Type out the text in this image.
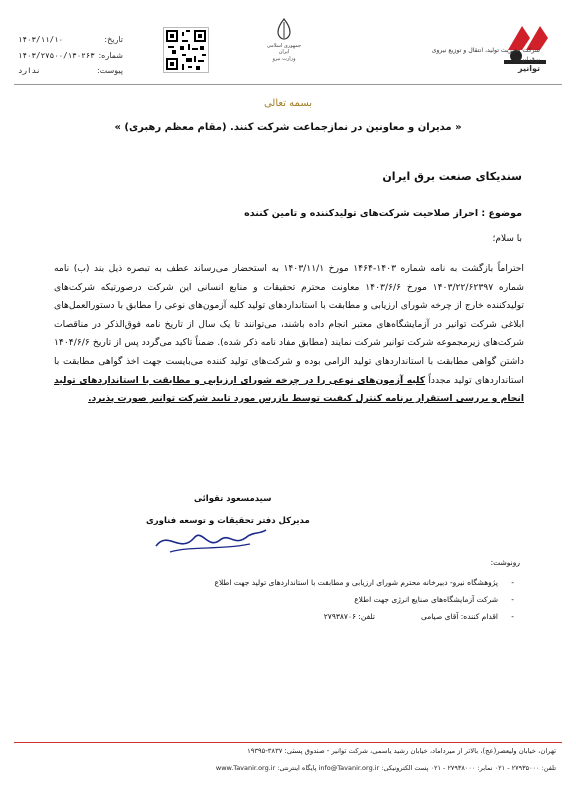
شرکت مدیریت تولید، انتقال و توزیع نیروی برق ایران
توانیر
جمهوری اسلامی ایران
وزارت نیرو
تاریخ:
۱۴۰۳/۱۱/۱۰
شماره:
۱۴۰۳/۲۷۵۰۰/۱۳۰۲۶۳
پیوست:
ندارد
بسمه تعالی
« مدیران و معاونین در نمازجماعت شرکت کنند. (مقام معظم رهبری) »
سندیکای صنعت برق ایران
موضوع : احراز صلاحیت شرکت‌های تولیدکننده و تامین کننده
با سلام؛
احتراماً بازگشت به نامه شماره ۱۴۰۳-۱۴۶۴ مورخ ۱۴۰۳/۱۱/۱ به استحضار می‌رساند عطف به تبصره ذیل بند (ب) نامه شماره ۱۴۰۳/۲۲/۶۲۳۹۷ مورخ ۱۴۰۳/۶/۶ معاونت محترم تحقیقات و منابع انسانی این شرکت درصورتیکه شرکت‌های تولیدکننده خارج از چرخه شورای ارزیابی و مطابقت با استانداردهای تولید کلیه آزمون‌های نوعی را مطابق با دستورالعمل‌های ابلاغی شرکت توانیر در آزمایشگاه‌های معتبر انجام داده باشند، می‌توانند تا یک سال از تاریخ نامه فوق‌الذکر در مناقصات شرکت‌های زیرمجموعه شرکت توانیر شرکت نمایند (مطابق مفاد نامه ذکر شده). ضمناً تاکید می‌گردد پس از تاریخ ۱۴۰۴/۶/۶ داشتن گواهی مطابقت با استانداردهای تولید الزامی بوده و شرکت‌های تولید کننده می‌بایست جهت اخذ گواهی مطابقت با استانداردهای تولید مجدداً کلیه آزمون‌های نوعی را در چرخه شورای ارزیابی و مطابقت با استانداردهای تولید انجام و بررسی استقرار برنامه کنترل کیفیت توسط بازرس مورد تایید شرکت توانیر صورت پذیرد.
سیدمسعود تقوائی
مدیرکل دفتر تحقیقات و توسعه فناوری
رونوشت:
-
پژوهشگاه نیرو- دبیرخانه محترم شورای ارزیابی و مطابقت با استانداردهای تولید جهت اطلاع
-
شرکت آزمایشگاه‌های صنایع انرژی جهت اطلاع
-
اقدام کننده: آقای صیامی
تلفن: ۲۷۹۳۸۷۰۶
تهران، خیابان ولیعصر(عج)، بالاتر از میرداماد، خیابان رشید یاسمی، شرکت توانیر - صندوق پستی: ۳۸۳۷-۱۹۳۹۵
تلفن: ۲۷۹۳۵۰۰۰ - ۰۲۱ نمابر: ۲۷۹۳۸۰۰۰ - ۰۲۱ پست الکترونیکی: info@Tavanir.org.ir پایگاه اینترنتی: www.Tavanir.org.ir
